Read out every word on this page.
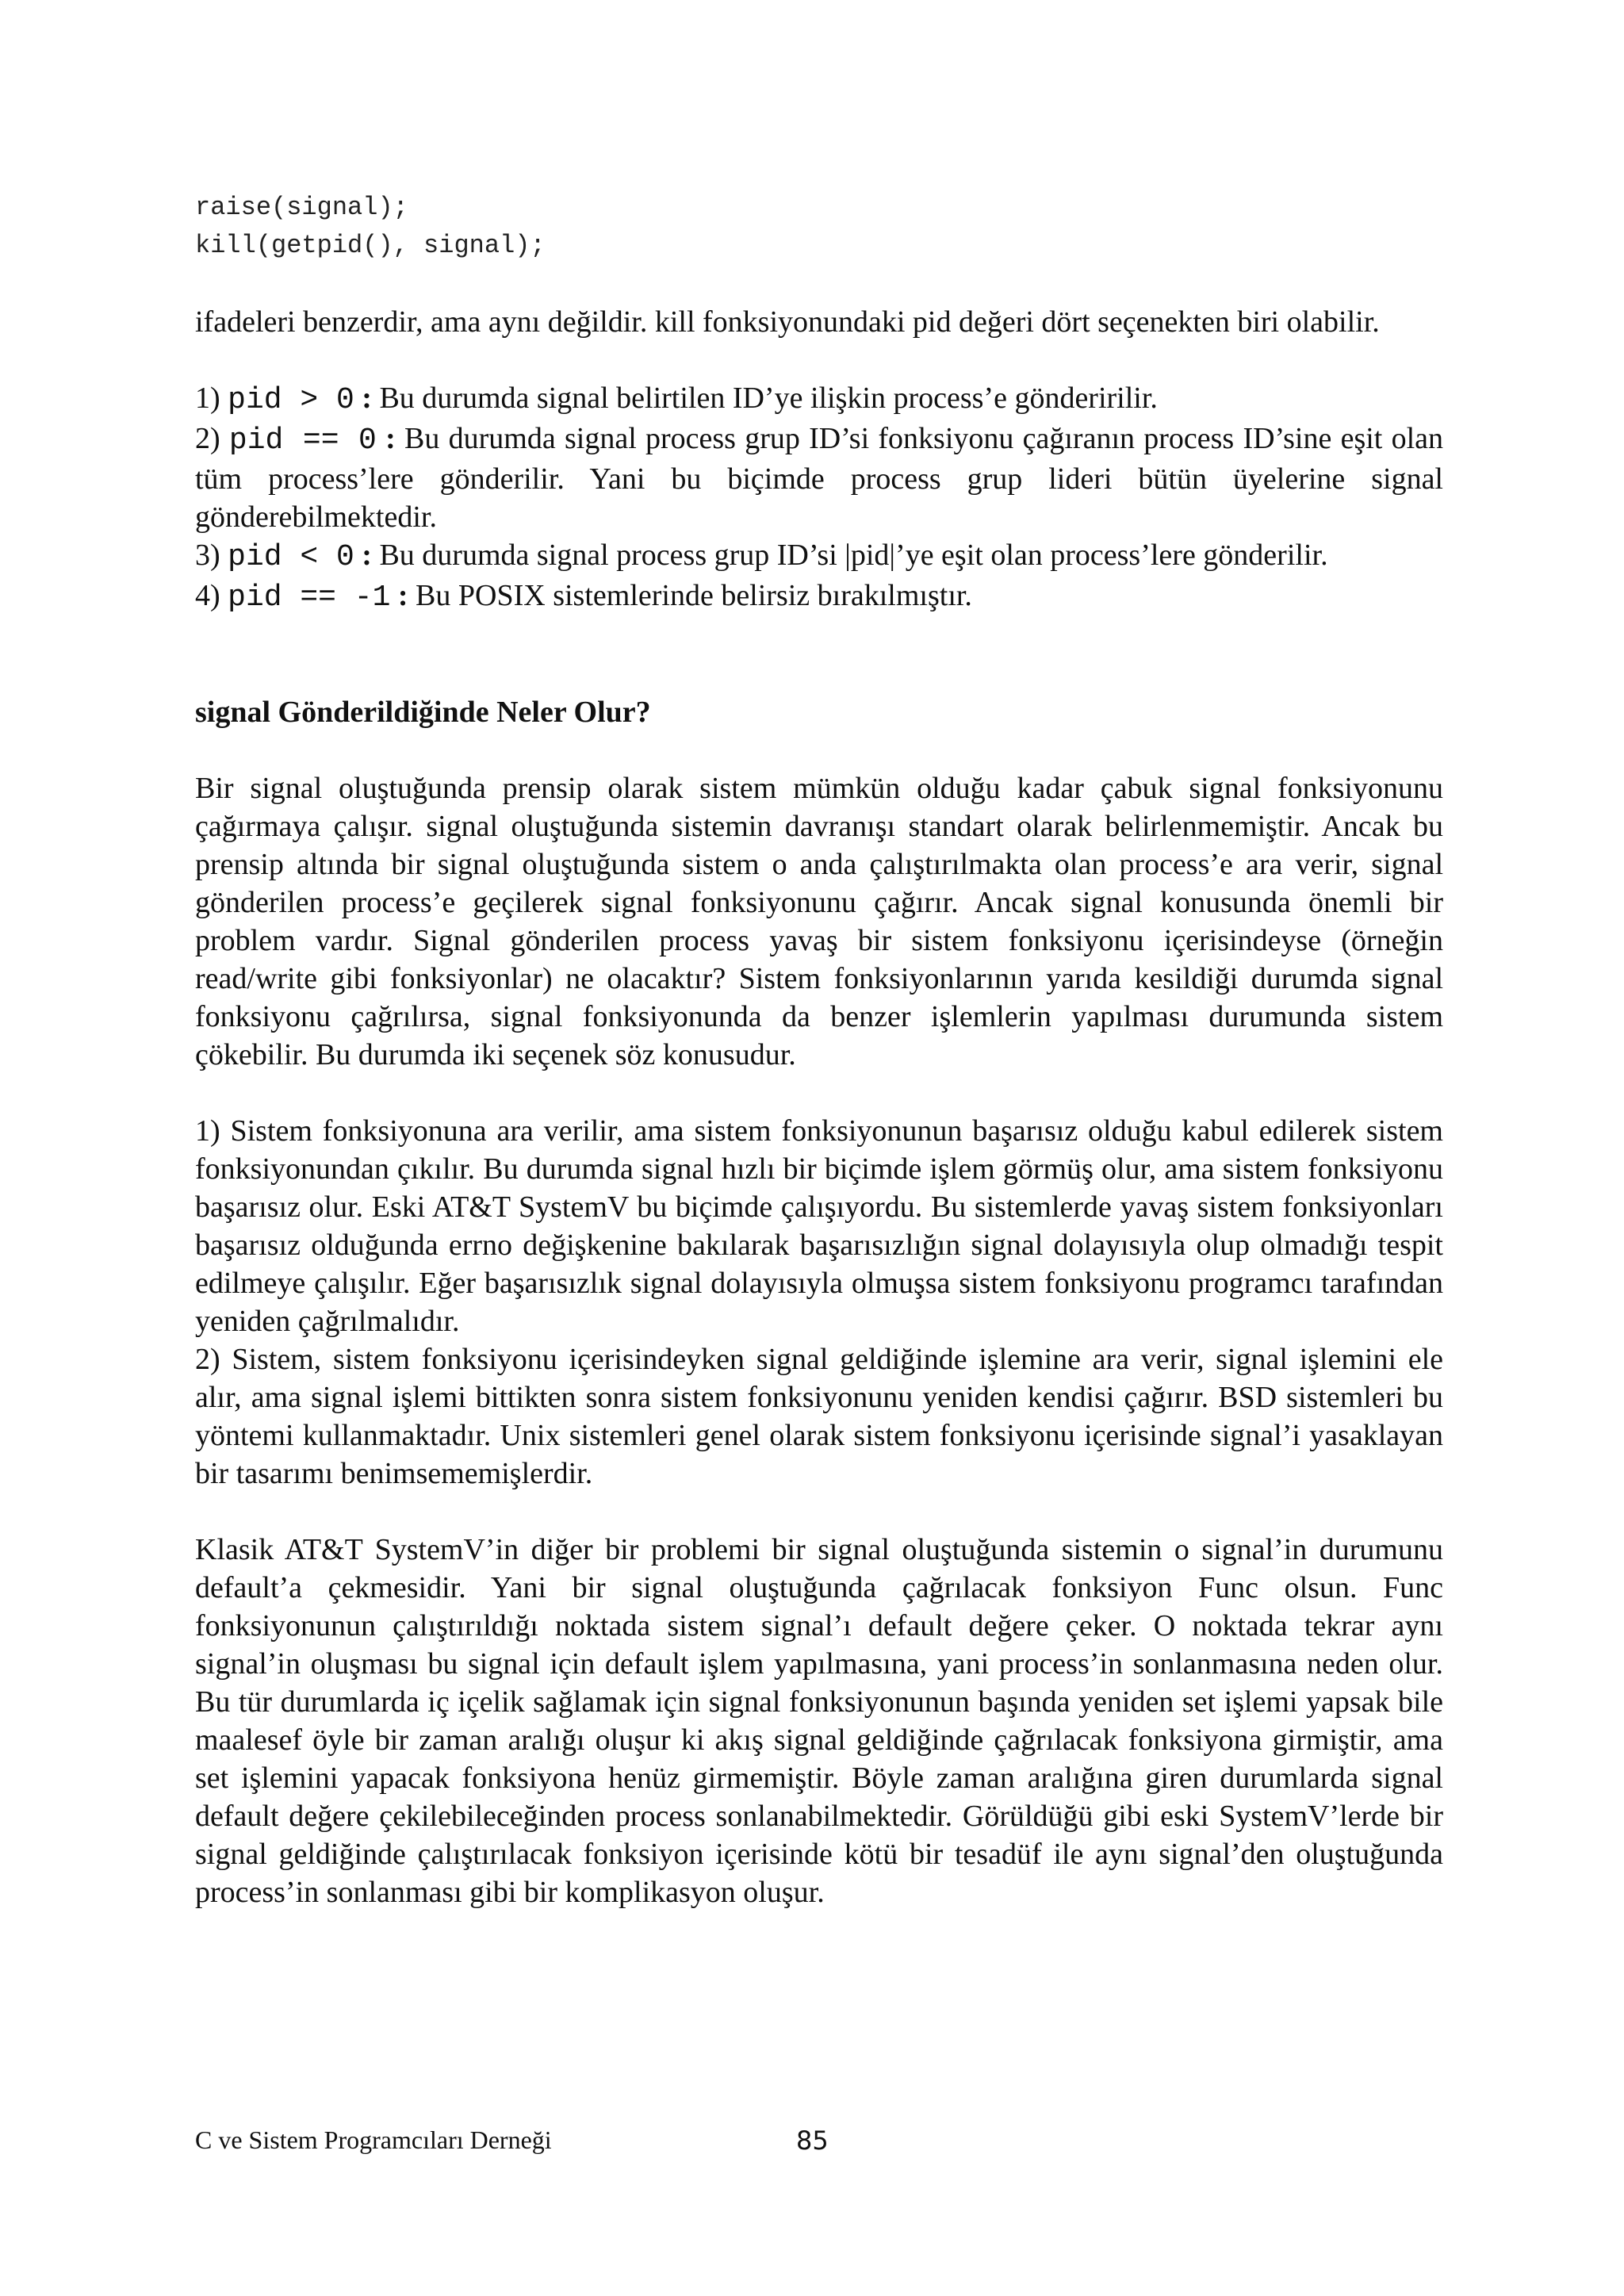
raise(signal);
kill(getpid(), signal);

ifadeleri benzerdir, ama aynı değildir. kill fonksiyonundaki pid değeri dört seçenekten biri olabilir.

1) pid > 0 : Bu durumda signal belirtilen ID’ye ilişkin process’e gönderirilir.

2) pid == 0 : Bu durumda signal process grup ID’si fonksiyonu çağıranın process ID’sine eşit olan tüm process’lere gönderilir. Yani bu biçimde process grup lideri bütün üyelerine signal gönderebilmektedir.

3) pid < 0 : Bu durumda signal process grup ID’si |pid|’ye eşit olan process’lere gönderilir.

4) pid == -1 : Bu POSIX sistemlerinde belirsiz bırakılmıştır.

signal Gönderildiğinde Neler Olur?

Bir signal oluştuğunda prensip olarak sistem mümkün olduğu kadar çabuk signal fonksiyonunu çağırmaya çalışır. signal oluştuğunda sistemin davranışı standart olarak belirlenmemiştir. Ancak bu prensip altında bir signal oluştuğunda sistem o anda çalıştırılmakta olan process’e ara verir, signal gönderilen process’e geçilerek signal fonksiyonunu çağırır. Ancak signal konusunda önemli bir problem vardır. Signal gönderilen process yavaş bir sistem fonksiyonu içerisindeyse (örneğin read/write gibi fonksiyonlar) ne olacaktır? Sistem fonksiyonlarının yarıda kesildiği durumda signal fonksiyonu çağrılırsa, signal fonksiyonunda da benzer işlemlerin yapılması durumunda sistem çökebilir. Bu durumda iki seçenek söz konusudur.

1) Sistem fonksiyonuna ara verilir, ama sistem fonksiyonunun başarısız olduğu kabul edilerek sistem fonksiyonundan çıkılır. Bu durumda signal hızlı bir biçimde işlem görmüş olur, ama sistem fonksiyonu başarısız olur. Eski AT&T SystemV bu biçimde çalışıyordu. Bu sistemlerde yavaş sistem fonksiyonları başarısız olduğunda errno değişkenine bakılarak başarısızlığın signal dolayısıyla olup olmadığı tespit edilmeye çalışılır. Eğer başarısızlık signal dolayısıyla olmuşsa sistem fonksiyonu programcı tarafından yeniden çağrılmalıdır.

2) Sistem, sistem fonksiyonu içerisindeyken signal geldiğinde işlemine ara verir, signal işlemini ele alır, ama signal işlemi bittikten sonra sistem fonksiyonunu yeniden kendisi çağırır. BSD sistemleri bu yöntemi kullanmaktadır. Unix sistemleri genel olarak sistem fonksiyonu içerisinde signal’i yasaklayan bir tasarımı benimsememişlerdir.

Klasik AT&T SystemV’in diğer bir problemi bir signal oluştuğunda sistemin o signal’in durumunu default’a çekmesidir. Yani bir signal oluştuğunda çağrılacak fonksiyon Func olsun. Func fonksiyonunun çalıştırıldığı noktada sistem signal’ı default değere çeker. O noktada tekrar aynı signal’in oluşması bu signal için default işlem yapılmasına, yani process’in sonlanmasına neden olur. Bu tür durumlarda iç içelik sağlamak için signal fonksiyonunun başında yeniden set işlemi yapsak bile maalesef öyle bir zaman aralığı oluşur ki akış signal geldiğinde çağrılacak fonksiyona girmiştir, ama set işlemini yapacak fonksiyona henüz girmemiştir. Böyle zaman aralığına giren durumlarda signal default değere çekilebileceğinden process sonlanabilmektedir. Görüldüğü gibi eski SystemV’lerde bir signal geldiğinde çalıştırılacak fonksiyon içerisinde kötü bir tesadüf ile aynı signal’den oluştuğunda process’in sonlanması gibi bir komplikasyon oluşur.

C ve Sistem Programcıları Derneği	85
